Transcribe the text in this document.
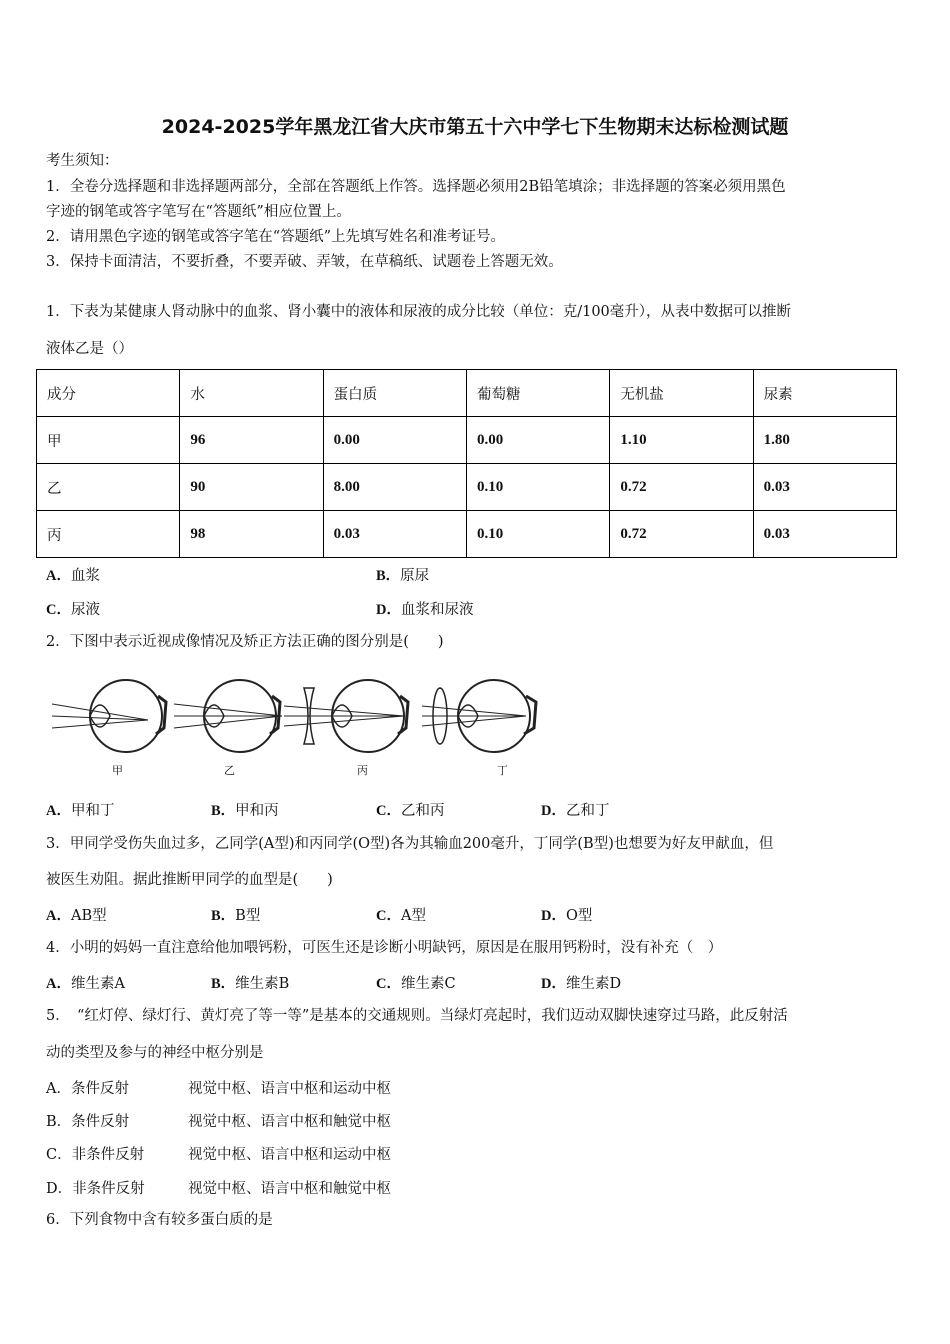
2024-2025学年黑龙江省大庆市第五十六中学七下生物期末达标检测试题
考生须知：
1．全卷分选择题和非选择题两部分，全部在答题纸上作答。选择题必须用2B铅笔填涂；非选择题的答案必须用黑色
字迹的钢笔或答字笔写在“答题纸”相应位置上。
2．请用黑色字迹的钢笔或答字笔在“答题纸”上先填写姓名和准考证号。
3．保持卡面清洁，不要折叠，不要弄破、弄皱，在草稿纸、试题卷上答题无效。
1．下表为某健康人肾动脉中的血浆、肾小囊中的液体和尿液的成分比较（单位：克/100毫升），从表中数据可以推断
液体乙是（）
成分	水	蛋白质	葡萄糖	无机盐	尿素
甲	96	0.00	0.00	1.10	1.80
乙	90	8.00	0.10	0.72	0.03
丙	98	0.03	0.10	0.72	0.03
A．血浆	B．原尿
C．尿液	D．血浆和尿液
2．下图中表示近视成像情况及矫正方法正确的图分别是(　　)
甲	乙	丙	丁
A．甲和丁	B．甲和丙	C．乙和丙	D．乙和丁
3．甲同学受伤失血过多，乙同学(A型)和丙同学(O型)各为其输血200毫升，丁同学(B型)也想要为好友甲献血，但
被医生劝阻。据此推断甲同学的血型是(　　)
A．AB型	B．B型	C．A型	D．O型
4．小明的妈妈一直注意给他加喂钙粉，可医生还是诊断小明缺钙，原因是在服用钙粉时，没有补充（　）
A．维生素A	B．维生素B	C．维生素C	D．维生素D
5．　“红灯停、绿灯行、黄灯亮了等一等”是基本的交通规则。当绿灯亮起时，我们迈动双脚快速穿过马路，此反射活
动的类型及参与的神经中枢分别是
A．条件反射	视觉中枢、语言中枢和运动中枢
B．条件反射	视觉中枢、语言中枢和触觉中枢
C．非条件反射	视觉中枢、语言中枢和运动中枢
D．非条件反射	视觉中枢、语言中枢和触觉中枢
6．下列食物中含有较多蛋白质的是
